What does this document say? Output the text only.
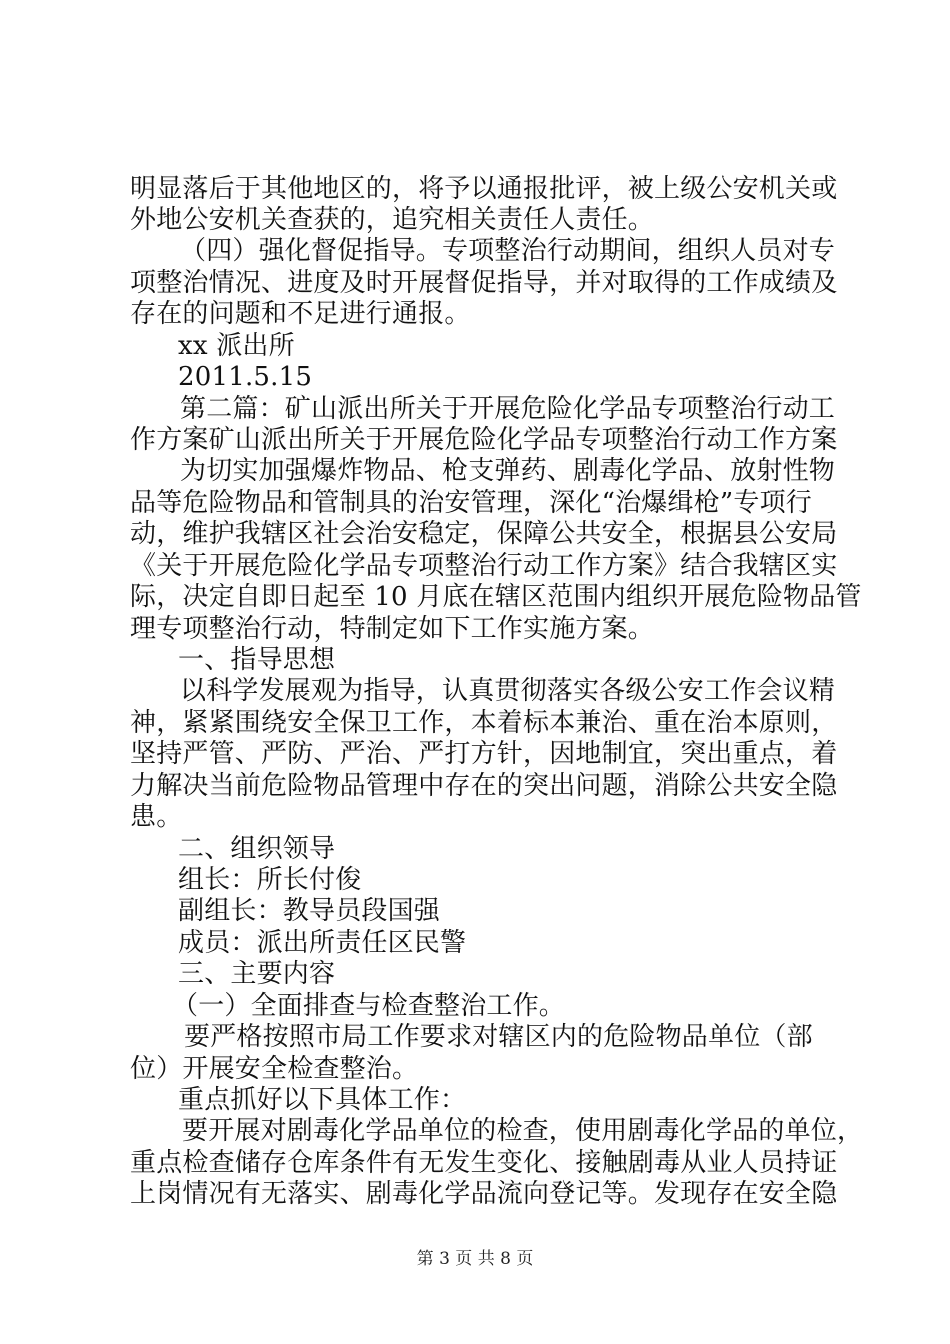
明显落后于其他地区的，将予以通报批评，被上级公安机关或
外地公安机关查获的，追究相关责任人责任。
（四）强化督促指导。专项整治行动期间，组织人员对专
项整治情况、进度及时开展督促指导，并对取得的工作成绩及
存在的问题和不足进行通报。
xx 派出所
2011.5.15
第二篇：矿山派出所关于开展危险化学品专项整治行动工
作方案矿山派出所关于开展危险化学品专项整治行动工作方案
为切实加强爆炸物品、枪支弹药、剧毒化学品、放射性物
品等危险物品和管制具的治安管理，深化“治爆缉枪”专项行
动，维护我辖区社会治安稳定，保障公共安全，根据县公安局
《关于开展危险化学品专项整治行动工作方案》结合我辖区实
际，决定自即日起至 10 月底在辖区范围内组织开展危险物品管
理专项整治行动，特制定如下工作实施方案。
一、指导思想
以科学发展观为指导，认真贯彻落实各级公安工作会议精
神，紧紧围绕安全保卫工作，本着标本兼治、重在治本原则，
坚持严管、严防、严治、严打方针，因地制宜，突出重点，着
力解决当前危险物品管理中存在的突出问题，消除公共安全隐
患。
二、组织领导
组长：所长付俊
副组长：教导员段国强
成员：派出所责任区民警
三、主要内容
（一）全面排查与检查整治工作。
要严格按照市局工作要求对辖区内的危险物品单位（部
位）开展安全检查整治。
重点抓好以下具体工作：
要开展对剧毒化学品单位的检查，使用剧毒化学品的单位，
重点检查储存仓库条件有无发生变化、接触剧毒从业人员持证
上岗情况有无落实、剧毒化学品流向登记等。发现存在安全隐
第 3 页 共 8 页
